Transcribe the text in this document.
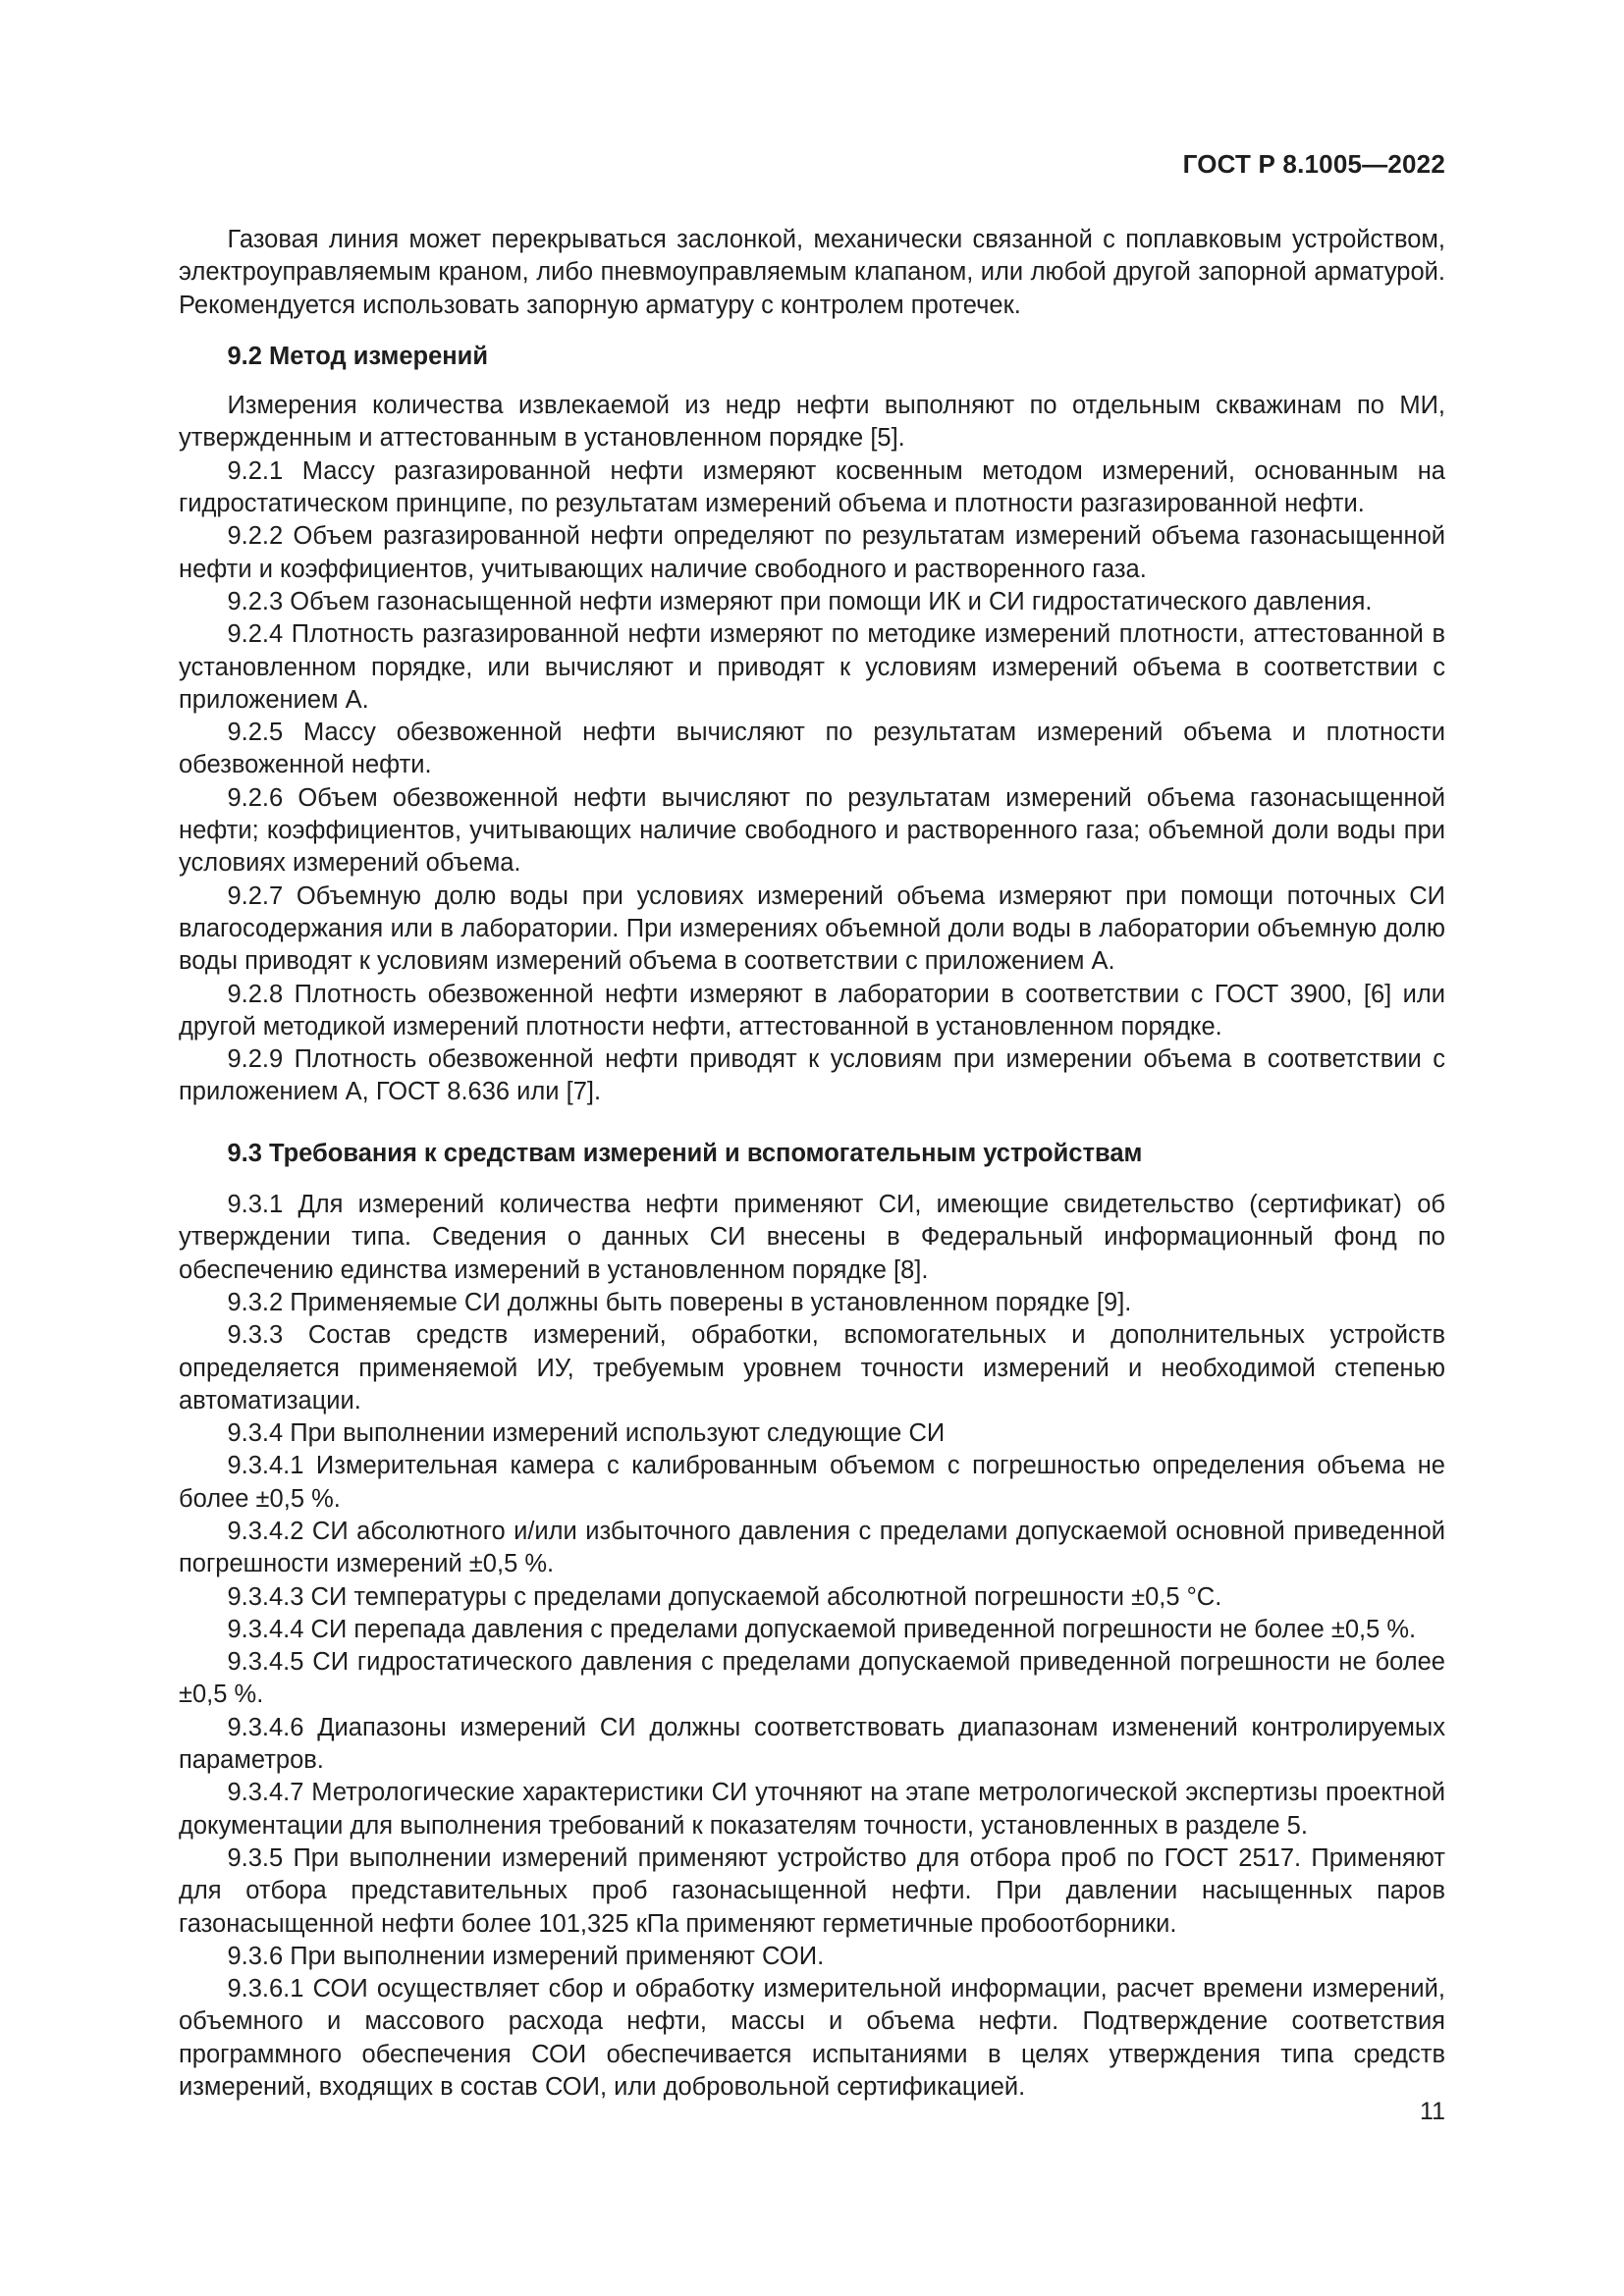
ГОСТ Р 8.1005—2022

Газовая линия может перекрываться заслонкой, механически связанной с поплавковым устройством, электроуправляемым краном, либо пневмоуправляемым клапаном, или любой другой запорной арматурой. Рекомендуется использовать запорную арматуру с контролем протечек.

9.2 Метод измерений

Измерения количества извлекаемой из недр нефти выполняют по отдельным скважинам по МИ, утвержденным и аттестованным в установленном порядке [5].

9.2.1 Массу разгазированной нефти измеряют косвенным методом измерений, основанным на гидростатическом принципе, по результатам измерений объема и плотности разгазированной нефти.

9.2.2 Объем разгазированной нефти определяют по результатам измерений объема газонасыщенной нефти и коэффициентов, учитывающих наличие свободного и растворенного газа.

9.2.3 Объем газонасыщенной нефти измеряют при помощи ИК и СИ гидростатического давления.

9.2.4 Плотность разгазированной нефти измеряют по методике измерений плотности, аттестованной в установленном порядке, или вычисляют и приводят к условиям измерений объема в соответствии с приложением А.

9.2.5 Массу обезвоженной нефти вычисляют по результатам измерений объема и плотности обезвоженной нефти.

9.2.6 Объем обезвоженной нефти вычисляют по результатам измерений объема газонасыщенной нефти; коэффициентов, учитывающих наличие свободного и растворенного газа; объемной доли воды при условиях измерений объема.

9.2.7 Объемную долю воды при условиях измерений объема измеряют при помощи поточных СИ влагосодержания или в лаборатории. При измерениях объемной доли воды в лаборатории объемную долю воды приводят к условиям измерений объема в соответствии с приложением А.

9.2.8 Плотность обезвоженной нефти измеряют в лаборатории в соответствии с ГОСТ 3900, [6] или другой методикой измерений плотности нефти, аттестованной в установленном порядке.

9.2.9 Плотность обезвоженной нефти приводят к условиям при измерении объема в соответствии с приложением А, ГОСТ 8.636 или [7].

9.3 Требования к средствам измерений и вспомогательным устройствам

9.3.1 Для измерений количества нефти применяют СИ, имеющие свидетельство (сертификат) об утверждении типа. Сведения о данных СИ внесены в Федеральный информационный фонд по обеспечению единства измерений в установленном порядке [8].

9.3.2 Применяемые СИ должны быть поверены в установленном порядке [9].

9.3.3 Состав средств измерений, обработки, вспомогательных и дополнительных устройств определяется применяемой ИУ, требуемым уровнем точности измерений и необходимой степенью автоматизации.

9.3.4 При выполнении измерений используют следующие СИ

9.3.4.1 Измерительная камера с калиброванным объемом с погрешностью определения объема не более ±0,5 %.

9.3.4.2 СИ абсолютного и/или избыточного давления с пределами допускаемой основной приведенной погрешности измерений ±0,5 %.

9.3.4.3 СИ температуры с пределами допускаемой абсолютной погрешности ±0,5 °С.

9.3.4.4 СИ перепада давления с пределами допускаемой приведенной погрешности не более ±0,5 %.

9.3.4.5 СИ гидростатического давления с пределами допускаемой приведенной погрешности не более ±0,5 %.

9.3.4.6 Диапазоны измерений СИ должны соответствовать диапазонам изменений контролируемых параметров.

9.3.4.7 Метрологические характеристики СИ уточняют на этапе метрологической экспертизы проектной документации для выполнения требований к показателям точности, установленных в разделе 5.

9.3.5 При выполнении измерений применяют устройство для отбора проб по ГОСТ 2517. Применяют для отбора представительных проб газонасыщенной нефти. При давлении насыщенных паров газонасыщенной нефти более 101,325 кПа применяют герметичные пробоотборники.

9.3.6 При выполнении измерений применяют СОИ.

9.3.6.1 СОИ осуществляет сбор и обработку измерительной информации, расчет времени измерений, объемного и массового расхода нефти, массы и объема нефти. Подтверждение соответствия программного обеспечения СОИ обеспечивается испытаниями в целях утверждения типа средств измерений, входящих в состав СОИ, или добровольной сертификацией.

11
